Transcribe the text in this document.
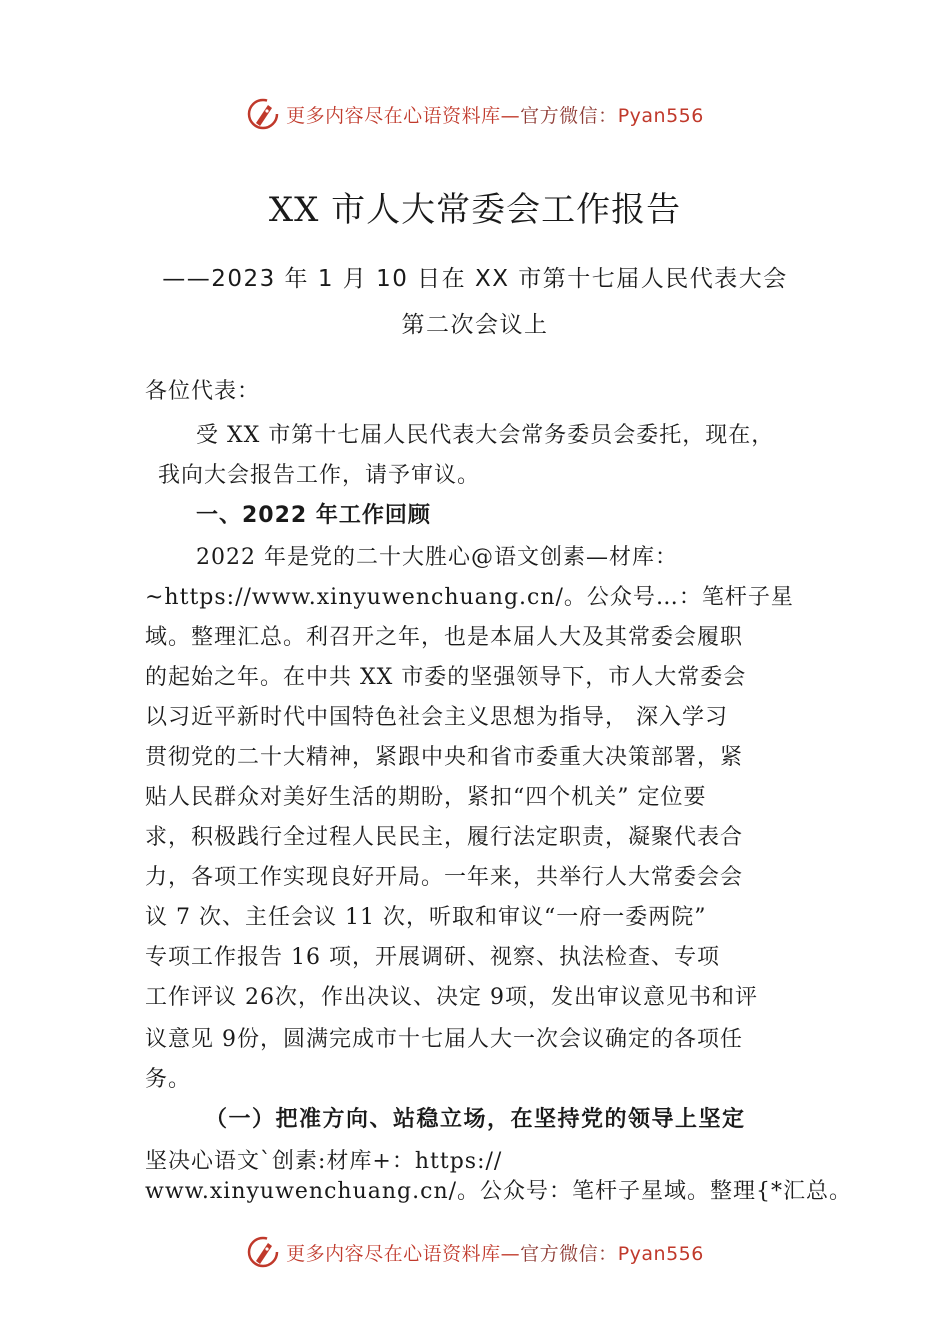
更多内容尽在心语资料库—官方微信：Pyan556
XX 市人大常委会工作报告
——2023 年 1 月 10 日在 XX 市第十七届人民代表大会
第二次会议上
各位代表：
受 XX 市第十七届人民代表大会常务委员会委托，现在，
我向大会报告工作，请予审议。
一、2022 年工作回顾
2022 年是党的二十大胜心@语文创素—材库：
~https://www.xinyuwenchuang.cn/。公众号…：笔杆子星
域。整理汇总。利召开之年，也是本届人大及其常委会履职
的起始之年。在中共 XX 市委的坚强领导下，市人大常委会
以习近平新时代中国特色社会主义思想为指导， 深入学习
贯彻党的二十大精神，紧跟中央和省市委重大决策部署，紧
贴人民群众对美好生活的期盼，紧扣“四个机关” 定位要
求，积极践行全过程人民民主，履行法定职责，凝聚代表合
力，各项工作实现良好开局。一年来，共举行人大常委会会
议 7 次、主任会议 11 次，听取和审议“一府一委两院”
专项工作报告 16 项，开展调研、视察、执法检查、专项
工作评议 26次，作出决议、决定 9项，发出审议意见书和评
议意见 9份，圆满完成市十七届人大一次会议确定的各项任
务。
（一）把准方向、站稳立场，在坚持党的领导上坚定
坚决心语文`创素:材库+：https://
www.xinyuwenchuang.cn/。公众号：笔杆子星域。整理{*汇总。
更多内容尽在心语资料库—官方微信：Pyan556
